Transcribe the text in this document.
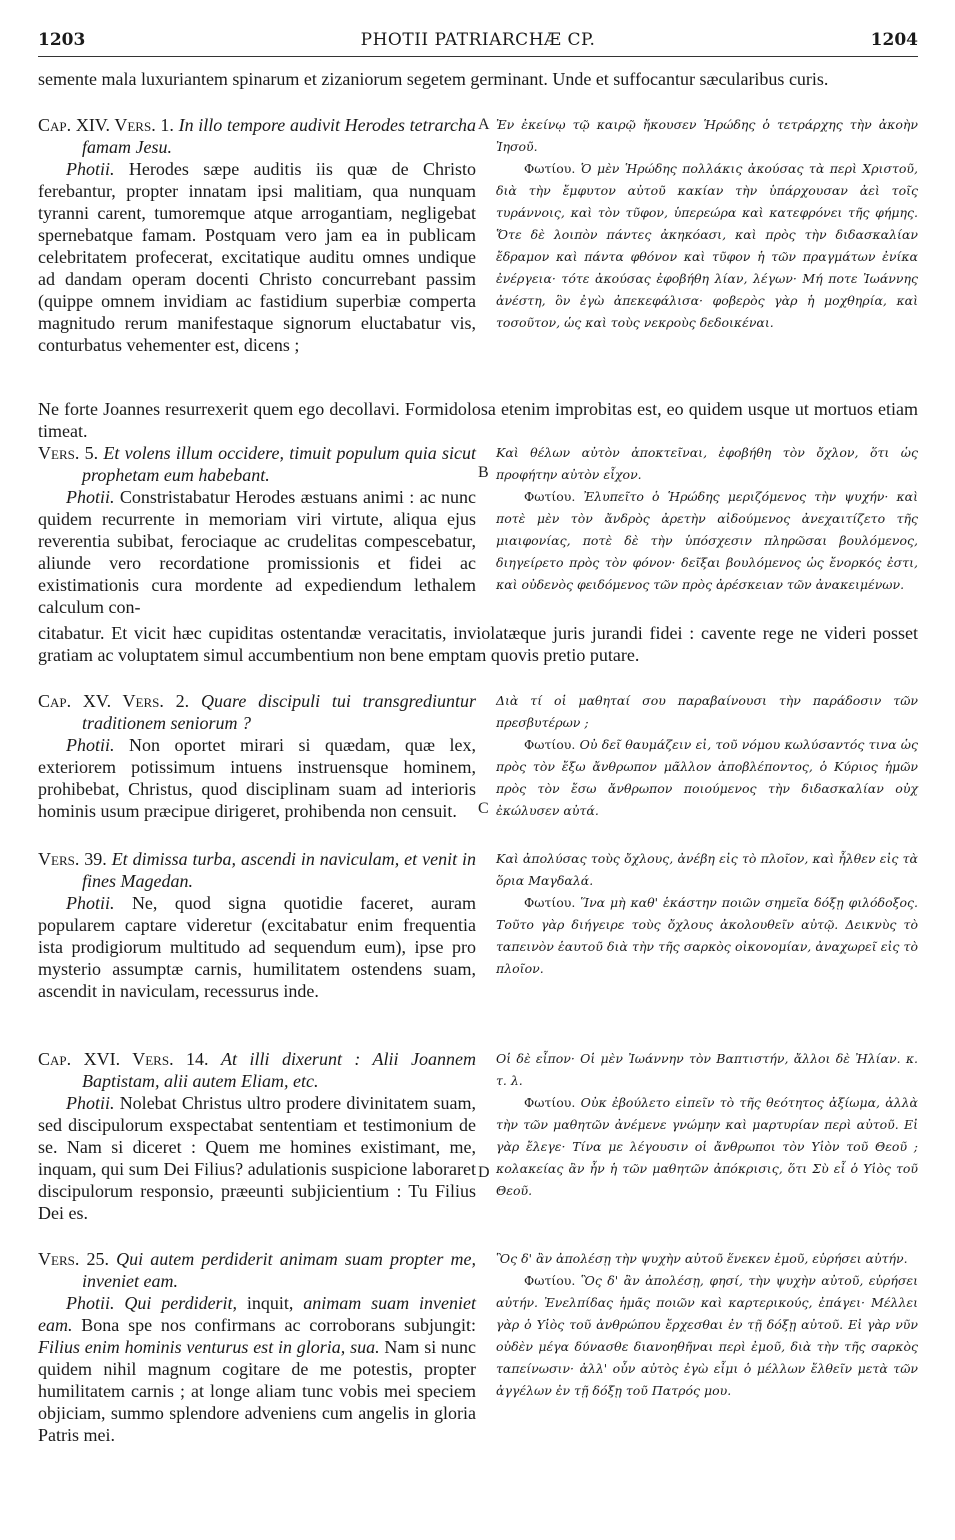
1203	PHOTII PATRIARCHÆ CP.	1204

semente mala luxuriantem spinarum et zizaniorum segetem germinant. Unde et suffocantur sæcularibus curis.

Cap. XIV. Vers. 1. In illo tempore audivit Herodes tetrarcha famam Jesu.

Photii. Herodes sæpe auditis iis quæ de Christo ferebantur, propter innatam ipsi malitiam, qua nunquam tyranni carent, tumoremque atque arrogantiam, negligebat spernebatque famam. Postquam vero jam ea in publicam celebritatem profecerat, excitatique auditu omnes undique ad dandam operam docenti Christo concurrebant passim (quippe omnem invidiam ac fastidium superbiæ comperta magnitudo rerum manifestaque signorum eluctabatur vis, conturbatus vehementer est, dicens ;

A Ἐν ἐκείνῳ τῷ καιρῷ ἤκουσεν Ἡρώδης ὁ τετράρχης τὴν ἀκοὴν Ἰησοῦ.

Φωτίου. Ὁ μὲν Ἡρώδης πολλάκις ἀκούσας τὰ περὶ Χριστοῦ, διὰ τὴν ἔμφυτον αὐτοῦ κακίαν τὴν ὑπάρχουσαν ἀεὶ τοῖς τυράννοις, καὶ τὸν τῦφον, ὑπερεώρα καὶ κατεφρόνει τῆς φήμης. Ὅτε δὲ λοιπὸν πάντες ἀκηκόασι, καὶ πρὸς τὴν διδασκαλίαν ἔδραμον καὶ πάντα φθόνον καὶ τῦφον ἡ τῶν πραγμάτων ἐνίκα ἐνέργεια· τότε ἀκούσας ἐφοβήθη λίαν, λέγων· Μή ποτε Ἰωάννης ἀνέστη, ὃν ἐγὼ ἀπεκεφάλισα· φοβερὸς γὰρ ἡ μοχθηρία, καὶ τοσοῦτον, ὡς καὶ τοὺς νεκροὺς δεδοικέναι.

Ne forte Joannes resurrexerit quem ego decollavi. Formidolosa etenim improbitas est, eo quidem usque ut mortuos etiam timeat.

Vers. 5. Et volens illum occidere, timuit populum quia sicut prophetam eum habebant.

Photii. Constristabatur Herodes æstuans animi : ac nunc quidem recurrente in memoriam viri virtute, aliqua ejus reverentia subibat, ferociaque ac crudelitas compescebatur, aliunde vero recordatione promissionis et fidei ac existimationis cura mordente ad expediendum lethalem calculum con-

B

Καὶ θέλων αὐτὸν ἀποκτεῖναι, ἐφοβήθη τὸν ὄχλον, ὅτι ὡς προφήτην αὐτὸν εἶχον.

Φωτίου. Ἐλυπεῖτο ὁ Ἡρώδης μεριζόμενος τὴν ψυχήν· καὶ ποτὲ μὲν τὸν ἄνδρὸς ἀρετὴν αἰδούμενος ἀνεχαιτίζετο τῆς μιαιφονίας, ποτὲ δὲ τὴν ὑπόσχεσιν πληρῶσαι βουλόμενος, διηγείρετο πρὸς τὸν φόνον· δεῖξαι βουλόμενος ὡς ἔνορκός ἐστι, καὶ οὐδενὸς φειδόμενος τῶν πρὸς ἀρέσκειαν τῶν ἀνακειμένων.

citabatur. Et vicit hæc cupiditas ostentandæ veracitatis, inviolatæque juris jurandi fidei : cavente rege ne videri posset gratiam ac voluptatem simul accumbentium non bene emptam quovis pretio putare.

Cap. XV. Vers. 2. Quare discipuli tui transgrediuntur traditionem seniorum ?

Photii. Non oportet mirari si quædam, quæ lex, exteriorem potissimum intuens instruensque hominem, prohibebat, Christus, quod disciplinam suam ad interioris hominis usum præcipue dirigeret, prohibenda non censuit.	C

Διὰ τί οἱ μαθηταί σου παραβαίνουσι τὴν παράδοσιν τῶν πρεσβυτέρων ;

Φωτίου. Οὐ δεῖ θαυμάζειν εἰ, τοῦ νόμου κωλύσαντός τινα ὡς πρὸς τὸν ἔξω ἄνθρωπον μᾶλλον ἀποβλέποντος, ὁ Κύριος ἡμῶν πρὸς τὸν ἔσω ἄνθρωπον ποιούμενος τὴν διδασκαλίαν οὐχ ἐκώλυσεν αὐτά.

Vers. 39. Et dimissa turba, ascendi in naviculam, et venit in fines Magedan.

Photii. Ne, quod signa quotidie faceret, auram popularem captare videretur (excitabatur enim frequentia ista prodigiorum multitudo ad sequendum eum), ipse pro mysterio assumptæ carnis, humilitatem ostendens suam, ascendit in naviculam, recessurus inde.

Καὶ ἀπολύσας τοὺς ὄχλους, ἀνέβη εἰς τὸ πλοῖον, καὶ ἦλθεν εἰς τὰ ὅρια Μαγδαλά.

Φωτίου. Ἵνα μὴ καθ' ἑκάστην ποιῶν σημεῖα δόξῃ φιλόδοξος. Τοῦτο γὰρ διήγειρε τοὺς ὄχλους ἀκολουθεῖν αὐτῷ. Δεικνὺς τὸ ταπεινὸν ἑαυτοῦ διὰ τὴν τῆς σαρκὸς οἰκονομίαν, ἀναχωρεῖ εἰς τὸ πλοῖον.

Cap. XVI. Vers. 14. At illi dixerunt : Alii Joannem Baptistam, alii autem Eliam, etc.

Photii. Nolebat Christus ultro prodere divinitatem suam, sed discipulorum exspectabat sententiam et testimonium de se. Nam si diceret : Quem me homines existimant, me, inquam, qui sum Dei Filius? adulationis suspicione laboraret discipulorum responsio, præeunti subjicientium : Tu Filius Dei es.

D

Οἱ δὲ εἶπον· Οἱ μὲν Ἰωάννην τὸν Βαπτιστήν, ἄλλοι δὲ Ἠλίαν. κ. τ. λ.

Φωτίου. Οὐκ ἐβούλετο εἰπεῖν τὸ τῆς θεότητος ἀξίωμα, ἀλλὰ τὴν τῶν μαθητῶν ἀνέμενε γνώμην καὶ μαρτυρίαν περὶ αὐτοῦ. Εἰ γὰρ ἔλεγε· Τίνα με λέγουσιν οἱ ἄνθρωποι τὸν Υἱὸν τοῦ Θεοῦ ; κολακείας ἂν ἦν ἡ τῶν μαθητῶν ἀπόκρισις, ὅτι Σὺ εἶ ὁ Υἱὸς τοῦ Θεοῦ.

Vers. 25. Qui autem perdiderit animam suam propter me, inveniet eam.

Photii. Qui perdiderit, inquit, animam suam inveniet eam. Bona spe nos confirmans ac corroborans subjungit: Filius enim hominis venturus est in gloria, sua. Nam si nunc quidem nihil magnum cogitare de me potestis, propter humilitatem carnis ; at longe aliam tunc vobis mei speciem objiciam, summo splendore adveniens cum angelis in gloria Patris mei.

Ὃς δ' ἂν ἀπολέσῃ τὴν ψυχὴν αὐτοῦ ἕνεκεν ἐμοῦ, εὑρήσει αὐτήν.

Φωτίου. Ὃς δ' ἂν ἀπολέσῃ, φησί, τὴν ψυχὴν αὐτοῦ, εὑρήσει αὐτήν. Ἐνελπίδας ἡμᾶς ποιῶν καὶ καρτερικούς, ἐπάγει· Μέλλει γὰρ ὁ Υἱὸς τοῦ ἀνθρώπου ἔρχεσθαι ἐν τῇ δόξῃ αὐτοῦ. Εἰ γὰρ νῦν οὐδὲν μέγα δύνασθε διανοηθῆναι περὶ ἐμοῦ, διὰ τὴν τῆς σαρκὸς ταπείνωσιν· ἀλλ' οὖν αὐτὸς ἐγὼ εἶμι ὁ μέλλων ἔλθεῖν μετὰ τῶν ἀγγέλων ἐν τῇ δόξῃ τοῦ Πατρός μου.
